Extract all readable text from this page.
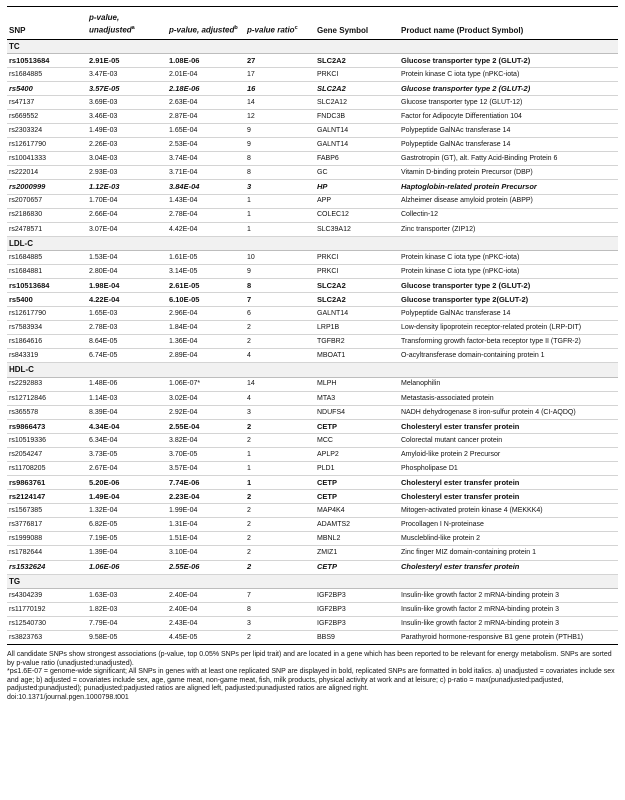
SNP	p-value, unadjusted$^a$	p-value, adjusted$^b$	p-value ratio$^c$	Gene Symbol	Product name (Product Symbol)
TC					
rs10513684	2.91E-05	1.08E-06	27	SLC2A2	Glucose transporter type 2 (GLUT-2)
rs1684885	3.47E-03	2.01E-04	17	PRKCI	Protein kinase C iota type (nPKC-iota)
rs5400	3.57E-05	2.18E-06	16	SLC2A2	Glucose transporter type 2 (GLUT-2)
rs47137	3.69E-03	2.63E-04	14	SLC2A12	Glucose transporter type 12 (GLUT-12)
rs669552	3.46E-03	2.87E-04	12	FNDC3B	Factor for Adipocyte Differentiation 104
rs2303324	1.49E-03	1.65E-04	9	GALNT14	Polypeptide GalNAc transferase 14
rs12617790	2.26E-03	2.53E-04	9	GALNT14	Polypeptide GalNAc transferase 14
rs10041333	3.04E-03	3.74E-04	8	FABP6	Gastrotropin (GT), alt. Fatty Acid-Binding Protein 6
rs222014	2.93E-03	3.71E-04	8	GC	Vitamin D-binding protein Precursor (DBP)
rs2000999	1.12E-03	3.84E-04	3	HP	Haptoglobin-related protein Precursor
rs2070657	1.70E-04	1.43E-04	1	APP	Alzheimer disease amyloid protein (ABPP)
rs2186830	2.66E-04	2.78E-04	1	COLEC12	Collectin-12
rs2478571	3.07E-04	4.42E-04	1	SLC39A12	Zinc transporter (ZIP12)
LDL-C					
rs1684885	1.53E-04	1.61E-05	10	PRKCI	Protein kinase C iota type (nPKC-iota)
rs1684881	2.80E-04	3.14E-05	9	PRKCI	Protein kinase C iota type (nPKC-iota)
rs10513684	1.98E-04	2.61E-05	8	SLC2A2	Glucose transporter type 2 (GLUT-2)
rs5400	4.22E-04	6.10E-05	7	SLC2A2	Glucose transporter type 2(GLUT-2)
rs12617790	1.65E-03	2.96E-04	6	GALNT14	Polypeptide GalNAc transferase 14
rs7583934	2.78E-03	1.84E-04	2	LRP1B	Low-density lipoprotein receptor-related protein (LRP-DIT)
rs1864616	8.64E-05	1.36E-04	2	TGFBR2	Transforming growth factor-beta receptor type II (TGFR-2)
rs843319	6.74E-05	2.89E-04	4	MBOAT1	O-acyltransferase domain-containing protein 1
HDL-C					
rs2292883	1.48E-06	1.06E-07*	14	MLPH	Melanophilin
rs12712846	1.14E-03	3.02E-04	4	MTA3	Metastasis-associated protein
rs365578	8.39E-04	2.92E-04	3	NDUFS4	NADH dehydrogenase 8 iron-sulfur protein 4 (CI-AQDQ)
rs9866473	4.34E-04	2.55E-04	2	CETP	Cholesteryl ester transfer protein
rs10519336	6.34E-04	3.82E-04	2	MCC	Colorectal mutant cancer protein
rs2054247	3.73E-05	3.70E-05	1	APLP2	Amyloid-like protein 2 Precursor
rs11708205	2.67E-04	3.57E-04	1	PLD1	Phospholipase D1
rs9863761	5.20E-06	7.74E-06	1	CETP	Cholesteryl ester transfer protein
rs2124147	1.49E-04	2.23E-04	2	CETP	Cholesteryl ester transfer protein
rs1567385	1.32E-04	1.99E-04	2	MAP4K4	Mitogen-activated protein kinase 4 (MEKKK4)
rs3776817	6.82E-05	1.31E-04	2	ADAMTS2	Procollagen I N-proteinase
rs1999088	7.19E-05	1.51E-04	2	MBNL2	Muscleblind-like protein 2
rs1782644	1.39E-04	3.10E-04	2	ZMIZ1	Zinc finger MIZ domain-containing protein 1
rs1532624	1.06E-06	2.55E-06	2	CETP	Cholesteryl ester transfer protein
TG					
rs4304239	1.63E-03	2.40E-04	7	IGF2BP3	Insulin-like growth factor 2 mRNA-binding protein 3
rs11770192	1.82E-03	2.40E-04	8	IGF2BP3	Insulin-like growth factor 2 mRNA-binding protein 3
rs12540730	7.79E-04	2.43E-04	3	IGF2BP3	Insulin-like growth factor 2 mRNA-binding protein 3
rs3823763	9.58E-05	4.45E-05	2	BBS9	Parathyroid hormone-responsive B1 gene protein (PTHB1)

All candidate SNPs show strongest associations (p-value, top 0.05% SNPs per lipid trait) and are located in a gene which has been reported to be relevant for energy metabolism. SNPs are sorted by p-value ratio (unadjusted:unadjusted).

*p≤1.6E-07 = genome-wide significant; All SNPs in genes with at least one replicated SNP are displayed in bold, replicated SNPs are formatted in bold italics. a) unadjusted = covariates include sex and age; b) adjusted = covariates include sex, age, game meat, non-game meat, fish, milk products, physical activity at work and at leisure; c) p-ratio = max(punadjusted:padjusted, padjusted:punadjusted); punadjusted:padjusted ratios are aligned left, padjusted:punadjusted ratios are aligned right.

doi:10.1371/journal.pgen.1000798.t001
